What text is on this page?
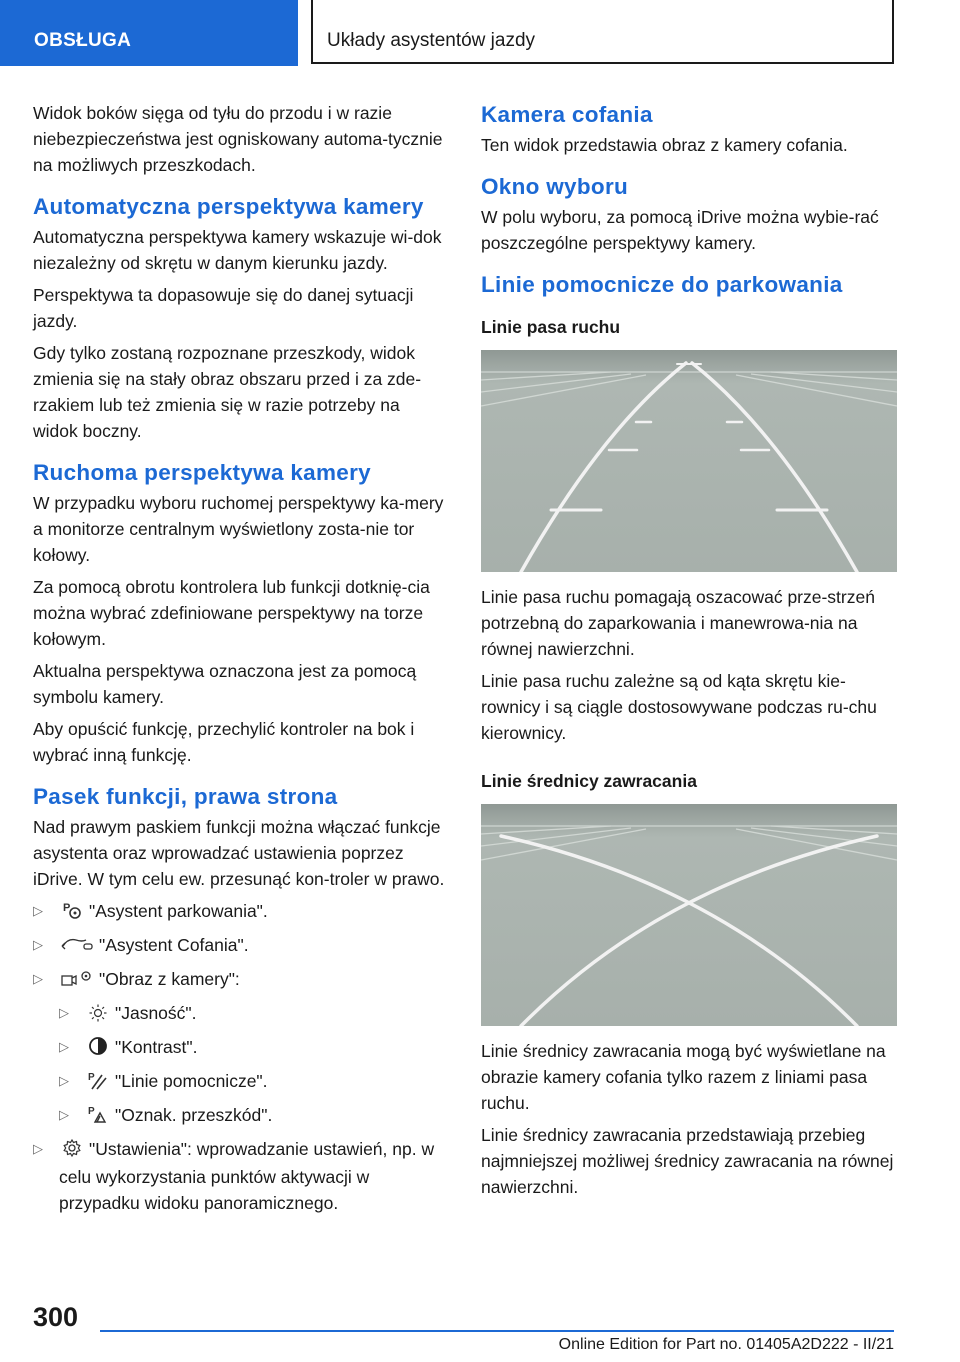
OBSŁUGA	Układy asystentów jazdy

Widok boków sięga od tyłu do przodu i w razie niebezpieczeństwa jest ogniskowany automa-tycznie na możliwych przeszkodach.

Automatyczna perspektywa kamery

Automatyczna perspektywa kamery wskazuje wi-dok niezależny od skrętu w danym kierunku jazdy.

Perspektywa ta dopasowuje się do danej sytuacji jazdy.

Gdy tylko zostaną rozpoznane przeszkody, widok zmienia się na stały obraz obszaru przed i za zde-rzakiem lub też zmienia się w razie potrzeby na widok boczny.

Ruchoma perspektywa kamery

W przypadku wyboru ruchomej perspektywy ka-mery a monitorze centralnym wyświetlony zosta-nie tor kołowy.

Za pomocą obrotu kontrolera lub funkcji dotknię-cia można wybrać zdefiniowane perspektywy na torze kołowym.

Aktualna perspektywa oznaczona jest za pomocą symbolu kamery.

Aby opuścić funkcję, przechylić kontroler na bok i wybrać inną funkcję.

Pasek funkcji, prawa strona

Nad prawym paskiem funkcji można włączać funkcje asystenta oraz wprowadzać ustawienia poprzez iDrive. W tym celu ew. przesunąć kon-troler w prawo.

▷ P "Asystent parkowania".
▷	"Asystent Cofania".
▷	"Obraz z kamery":
▷	"Jasność".
▷	"Kontrast".
▷ P "Linie pomocnicze".
▷ P "Oznak. przeszkód".
▷	"Ustawienia": wprowadzanie ustawień, np. w celu wykorzystania punktów aktywacji w przypadku widoku panoramicznego.
Kamera cofania

Ten widok przedstawia obraz z kamery cofania.

Okno wyboru

W polu wyboru, za pomocą iDrive można wybie-rać poszczególne perspektywy kamery.

Linie pomocnicze do parkowania
Linie pasa ruchu

Linie pasa ruchu pomagają oszacować prze-strzeń potrzebną do zaparkowania i manewrowa-nia na równej nawierzchni.

Linie pasa ruchu zależne są od kąta skrętu kie-rownicy i są ciągle dostosowywane podczas ru-chu kierownicy.

Linie średnicy zawracania

Linie średnicy zawracania mogą być wyświetlane na obrazie kamery cofania tylko razem z liniami pasa ruchu.

Linie średnicy zawracania przedstawiają przebieg najmniejszej możliwej średnicy zawracania na równej nawierzchni.

300
Online Edition for Part no. 01405A2D222 - II/21
